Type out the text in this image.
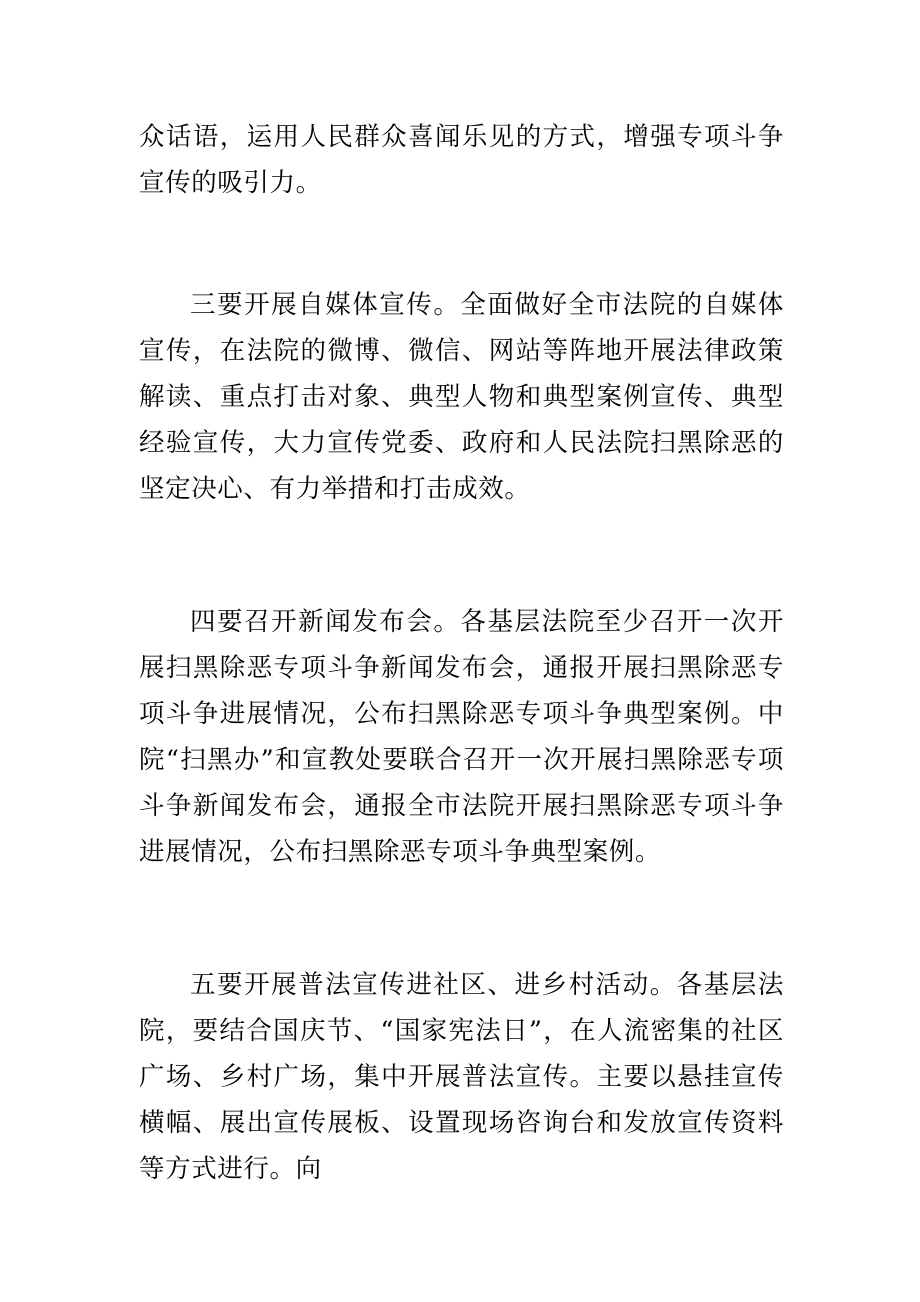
众话语，运用人民群众喜闻乐见的方式，增强专项斗争宣传的吸引力。

三要开展自媒体宣传。全面做好全市法院的自媒体宣传，在法院的微博、微信、网站等阵地开展法律政策解读、重点打击对象、典型人物和典型案例宣传、典型经验宣传，大力宣传党委、政府和人民法院扫黑除恶的坚定决心、有力举措和打击成效。

四要召开新闻发布会。各基层法院至少召开一次开展扫黑除恶专项斗争新闻发布会，通报开展扫黑除恶专项斗争进展情况，公布扫黑除恶专项斗争典型案例。中院“扫黑办”和宣教处要联合召开一次开展扫黑除恶专项斗争新闻发布会，通报全市法院开展扫黑除恶专项斗争进展情况，公布扫黑除恶专项斗争典型案例。

五要开展普法宣传进社区、进乡村活动。各基层法院，要结合国庆节、“国家宪法日”，在人流密集的社区广场、乡村广场，集中开展普法宣传。主要以悬挂宣传横幅、展出宣传展板、设置现场咨询台和发放宣传资料等方式进行。向
